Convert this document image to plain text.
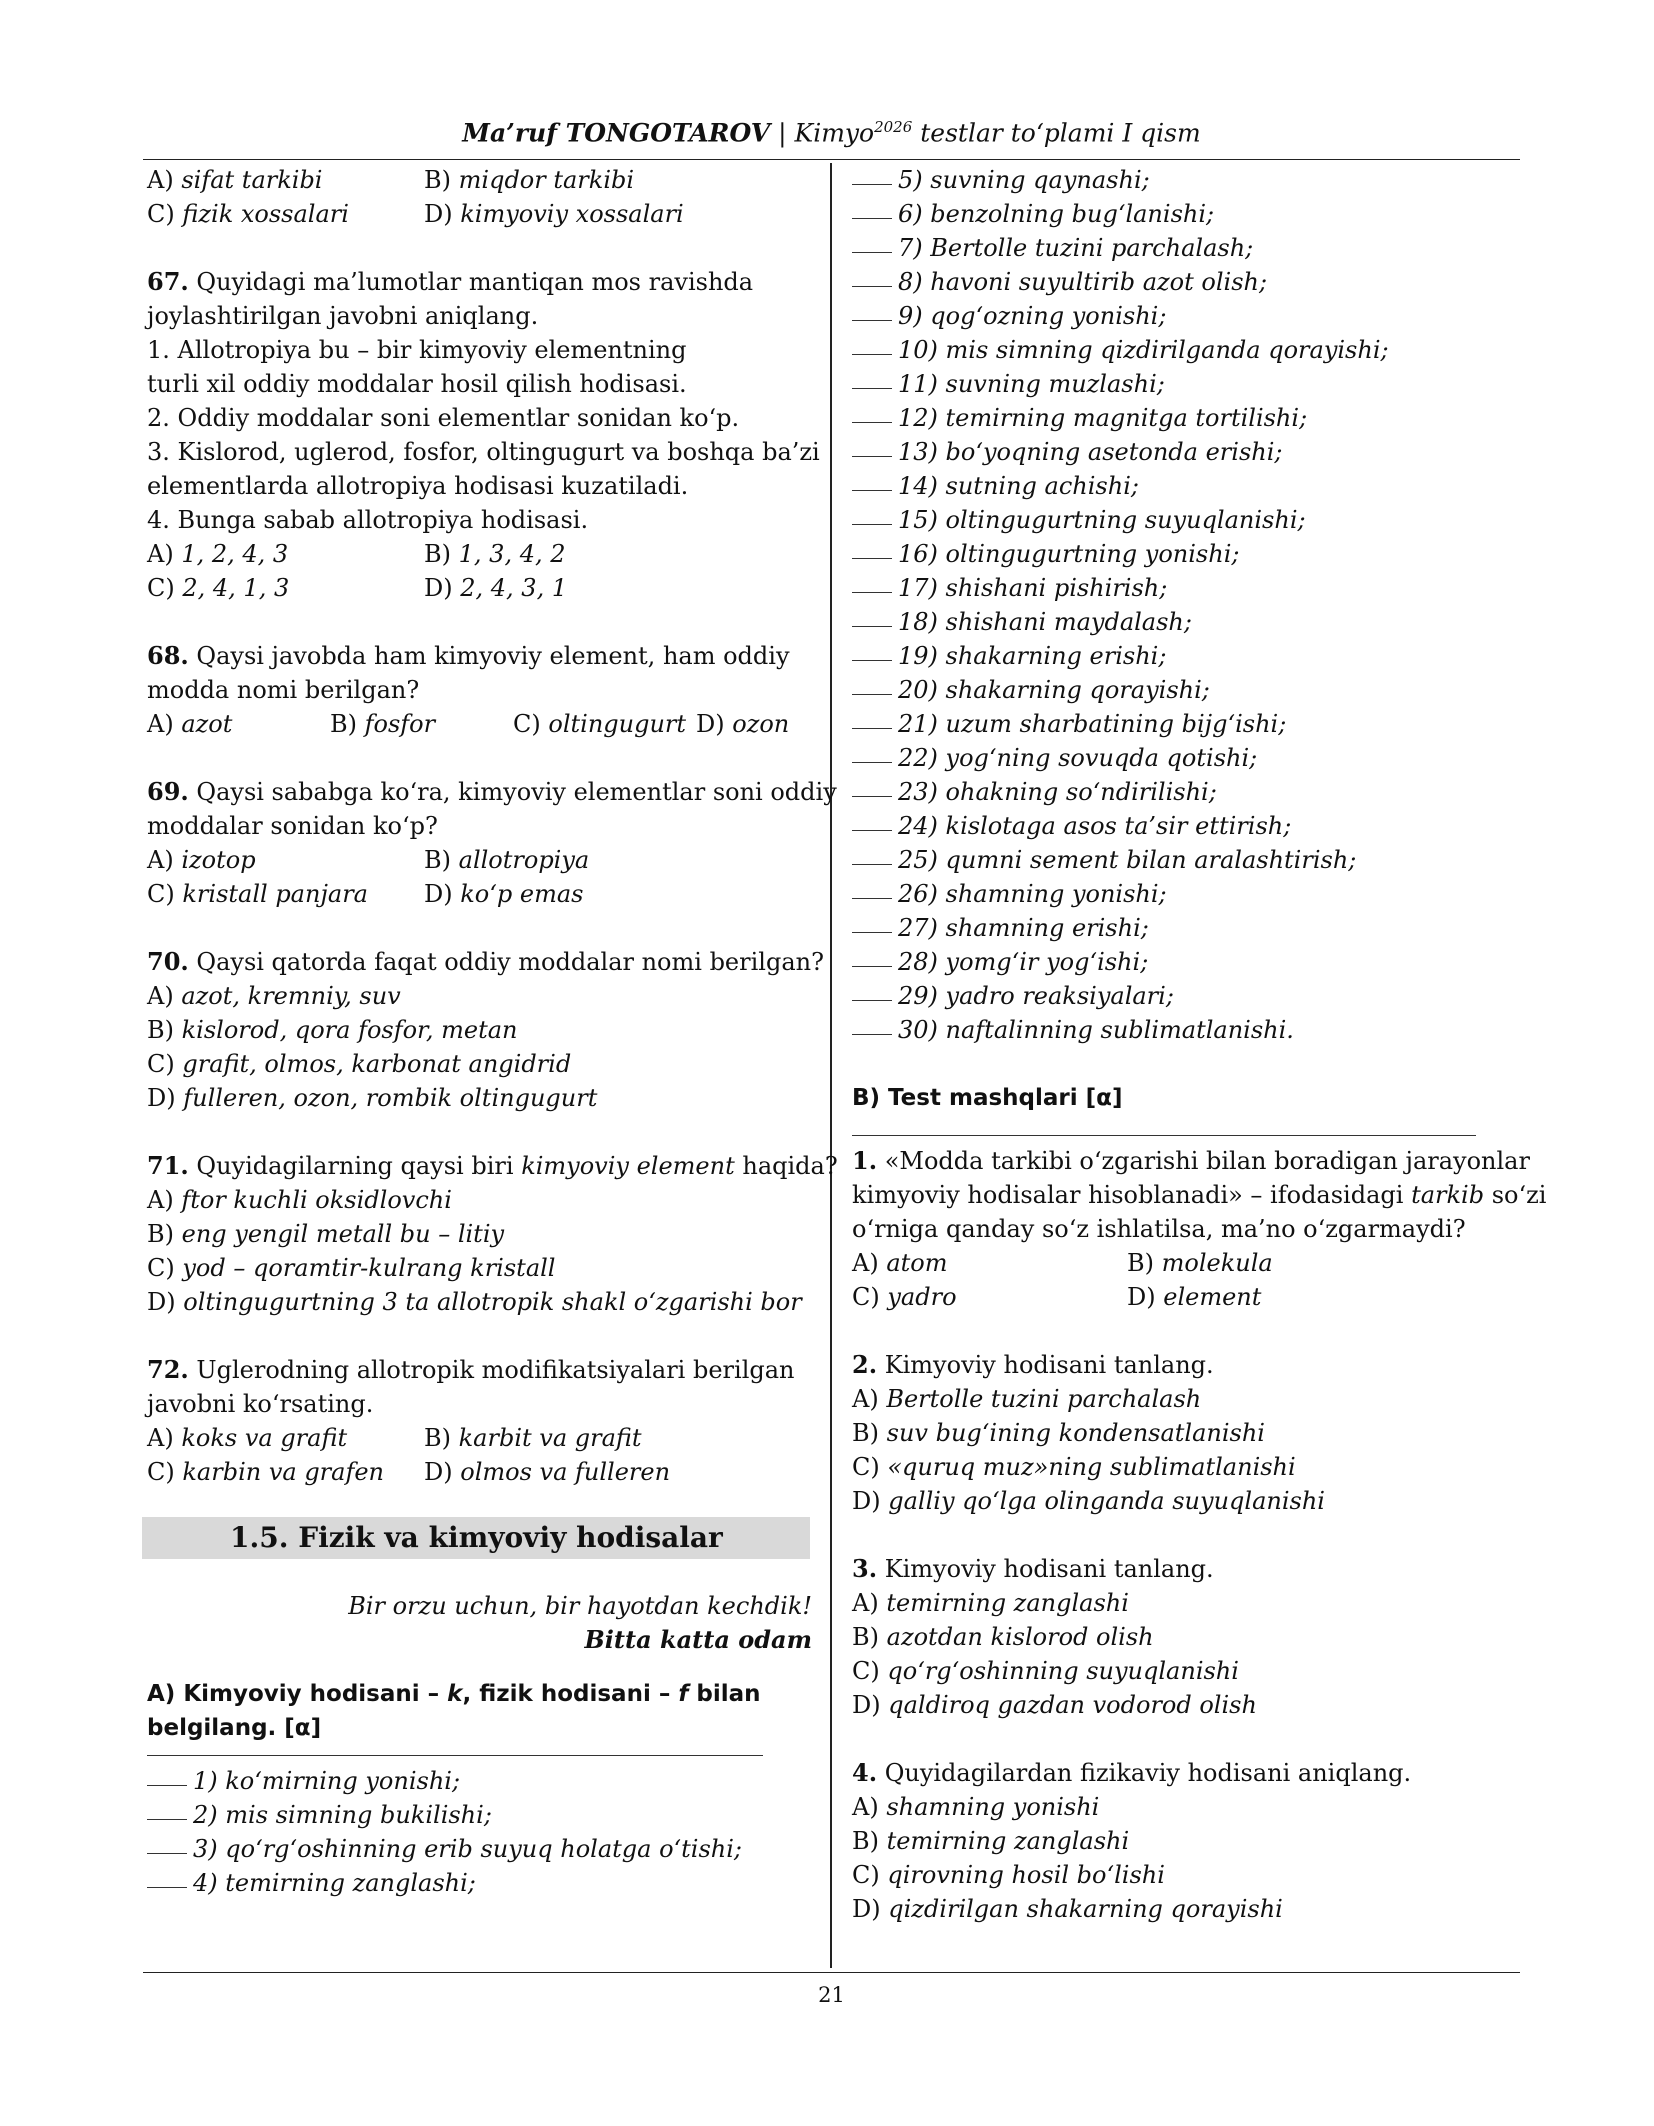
Ma’ruf TONGOTAROV | Kimyo$^{2026}$ testlar to‘plami I qism
A) sifat tarkibi	B) miqdor tarkibi
C) fizik xossalari	D) kimyoviy xossalari
67. Quyidagi ma’lumotlar mantiqan mos ravishda
joylashtirilgan javobni aniqlang.
1. Allotropiya bu – bir kimyoviy elementning
turli xil oddiy moddalar hosil qilish hodisasi.
2. Oddiy moddalar soni elementlar sonidan ko‘p.
3. Kislorod, uglerod, fosfor, oltingugurt va boshqa ba’zi
elementlarda allotropiya hodisasi kuzatiladi.
4. Bunga sabab allotropiya hodisasi.
A) 1, 2, 4, 3	B) 1, 3, 4, 2
C) 2, 4, 1, 3	D) 2, 4, 3, 1
68. Qaysi javobda ham kimyoviy element, ham oddiy
modda nomi berilgan?
A) azot	B) fosfor	C) oltingugurt D) ozon
69. Qaysi sababga ko‘ra, kimyoviy elementlar soni oddiy
moddalar sonidan ko‘p?
A) izotop	B) allotropiya
C) kristall panjara	D) ko‘p emas
70. Qaysi qatorda faqat oddiy moddalar nomi berilgan?
A) azot, kremniy, suv
B) kislorod, qora fosfor, metan
C) grafit, olmos, karbonat angidrid
D) fulleren, ozon, rombik oltingugurt
71. Quyidagilarning qaysi biri kimyoviy element haqida?
A) ftor kuchli oksidlovchi
B) eng yengil metall bu – litiy
C) yod – qoramtir-kulrang kristall
D) oltingugurtning 3 ta allotropik shakl o‘zgarishi bor
72. Uglerodning allotropik modifikatsiyalari berilgan
javobni ko‘rsating.
A) koks va grafit	B) karbit va grafit
C) karbin va grafen	D) olmos va fulleren
1.5. Fizik va kimyoviy hodisalar
Bir orzu uchun, bir hayotdan kechdik!
Bitta katta odam
A) Kimyoviy hodisani – k, fizik hodisani – f bilan
belgilang. [α]
1) ko‘mirning yonishi;
2) mis simning bukilishi;
3) qo‘rg‘oshinning erib suyuq holatga o‘tishi;
4) temirning zanglashi;
5) suvning qaynashi;
6) benzolning bug‘lanishi;
7) Bertolle tuzini parchalash;
8) havoni suyultirib azot olish;
9) qog‘ozning yonishi;
10) mis simning qizdirilganda qorayishi;
11) suvning muzlashi;
12) temirning magnitga tortilishi;
13) bo‘yoqning asetonda erishi;
14) sutning achishi;
15) oltingugurtning suyuqlanishi;
16) oltingugurtning yonishi;
17) shishani pishirish;
18) shishani maydalash;
19) shakarning erishi;
20) shakarning qorayishi;
21) uzum sharbatining bijg‘ishi;
22) yog‘ning sovuqda qotishi;
23) ohakning so‘ndirilishi;
24) kislotaga asos ta’sir ettirish;
25) qumni sement bilan aralashtirish;
26) shamning yonishi;
27) shamning erishi;
28) yomg‘ir yog‘ishi;
29) yadro reaksiyalari;
30) naftalinning sublimatlanishi.
B) Test mashqlari [α]
1. «Modda tarkibi o‘zgarishi bilan boradigan jarayonlar
kimyoviy hodisalar hisoblanadi» – ifodasidagi tarkib so‘zi
o‘rniga qanday so‘z ishlatilsa, ma’no o‘zgarmaydi?
A) atom	B) molekula
C) yadro	D) element
2. Kimyoviy hodisani tanlang.
A) Bertolle tuzini parchalash
B) suv bug‘ining kondensatlanishi
C) «quruq muz»ning sublimatlanishi
D) galliy qo‘lga olinganda suyuqlanishi
3. Kimyoviy hodisani tanlang.
A) temirning zanglashi
B) azotdan kislorod olish
C) qo‘rg‘oshinning suyuqlanishi
D) qaldiroq gazdan vodorod olish
4. Quyidagilardan fizikaviy hodisani aniqlang.
A) shamning yonishi
B) temirning zanglashi
C) qirovning hosil bo‘lishi
D) qizdirilgan shakarning qorayishi
21
